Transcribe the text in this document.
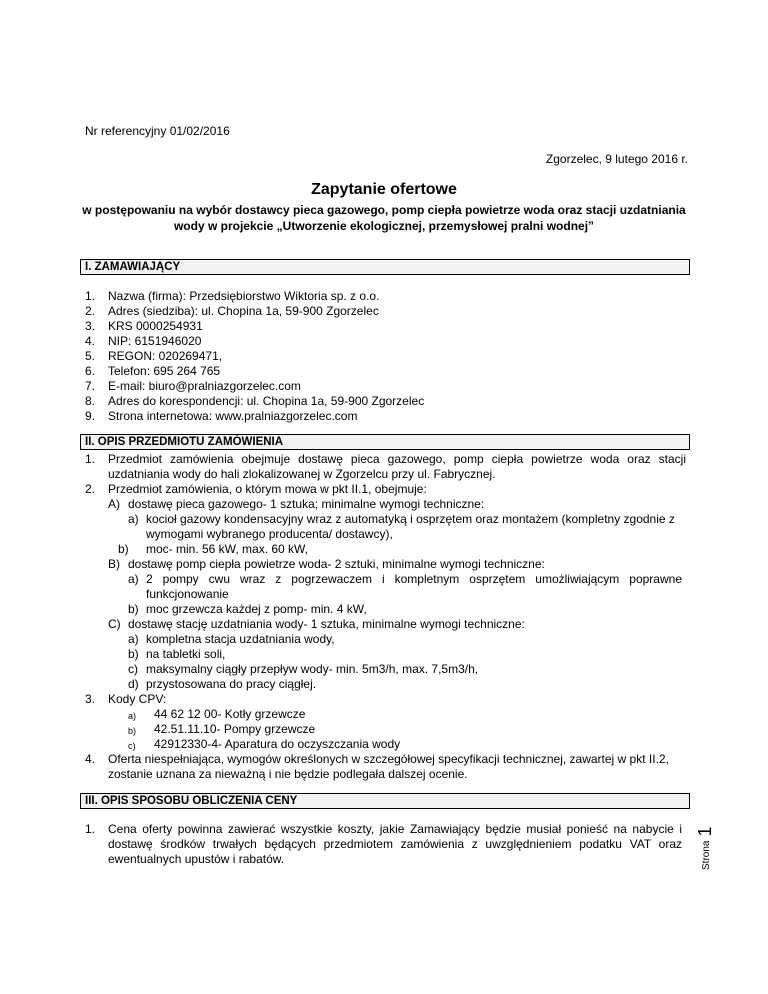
Nr referencyjny 01/02/2016
Zgorzelec, 9 lutego 2016 r.
Zapytanie ofertowe
w postępowaniu na wybór dostawcy pieca gazowego, pomp ciepła powietrze woda oraz stacji uzdatniania wody w projekcie „Utworzenie ekologicznej, przemysłowej pralni wodnej”
I. ZAMAWIAJĄCY
1. Nazwa (firma): Przedsiębiorstwo Wiktoria sp. z o.o.
2. Adres (siedziba): ul. Chopina 1a, 59-900 Zgorzelec
3. KRS 0000254931
4. NIP: 6151946020
5. REGON: 020269471,
6. Telefon: 695 264 765
7. E-mail: biuro@pralniazgorzelec.com
8. Adres do korespondencji: ul. Chopina 1a, 59-900 Zgorzelec
9. Strona internetowa: www.pralniazgorzelec.com
II. OPIS PRZEDMIOTU ZAMÓWIENIA
1. Przedmiot zamówienia obejmuje dostawę pieca gazowego, pomp ciepła powietrze woda oraz stacji uzdatniania wody do hali zlokalizowanej w Zgorzelcu przy ul. Fabrycznej.
2. Przedmiot zamówienia, o którym mowa w pkt II.1, obejmuje:
A) dostawę pieca gazowego- 1 sztuka; minimalne wymogi techniczne:
a) kocioł gazowy kondensacyjny wraz z automatyką i osprzętem oraz montażem (kompletny zgodnie z
wymogami wybranego producenta/ dostawcy),
b) moc- min. 56 kW, max. 60 kW,
B) dostawę pomp ciepła powietrze woda- 2 sztuki, minimalne wymogi techniczne:
a) 2 pompy cwu wraz z pogrzewaczem i kompletnym osprzętem umożliwiającym poprawne
funkcjonowanie
b) moc grzewcza każdej z pomp- min. 4 kW,
C) dostawę stację uzdatniania wody- 1 sztuka, minimalne wymogi techniczne:
a) kompletna stacja uzdatniania wody,
b) na tabletki soli,
c) maksymalny ciągły przepływ wody- min. 5m3/h, max. 7,5m3/h,
d) przystosowana do pracy ciągłej.
3. Kody CPV:
a) 44 62 12 00- Kotły grzewcze
b) 42.51.11.10- Pompy grzewcze
c) 42912330-4- Aparatura do oczyszczania wody
4. Oferta niespełniająca, wymogów określonych w szczegółowej specyfikacji technicznej, zawartej w pkt II.2,
zostanie uznana za nieważną i nie będzie podlegała dalszej ocenie.
III. OPIS SPOSOBU OBLICZENIA CENY
1. Cena oferty powinna zawierać wszystkie koszty, jakie Zamawiający będzie musiał ponieść na nabycie i dostawę środków trwałych będących przedmiotem zamówienia z uwzględnieniem podatku VAT oraz ewentualnych upustów i rabatów.	Strona1
